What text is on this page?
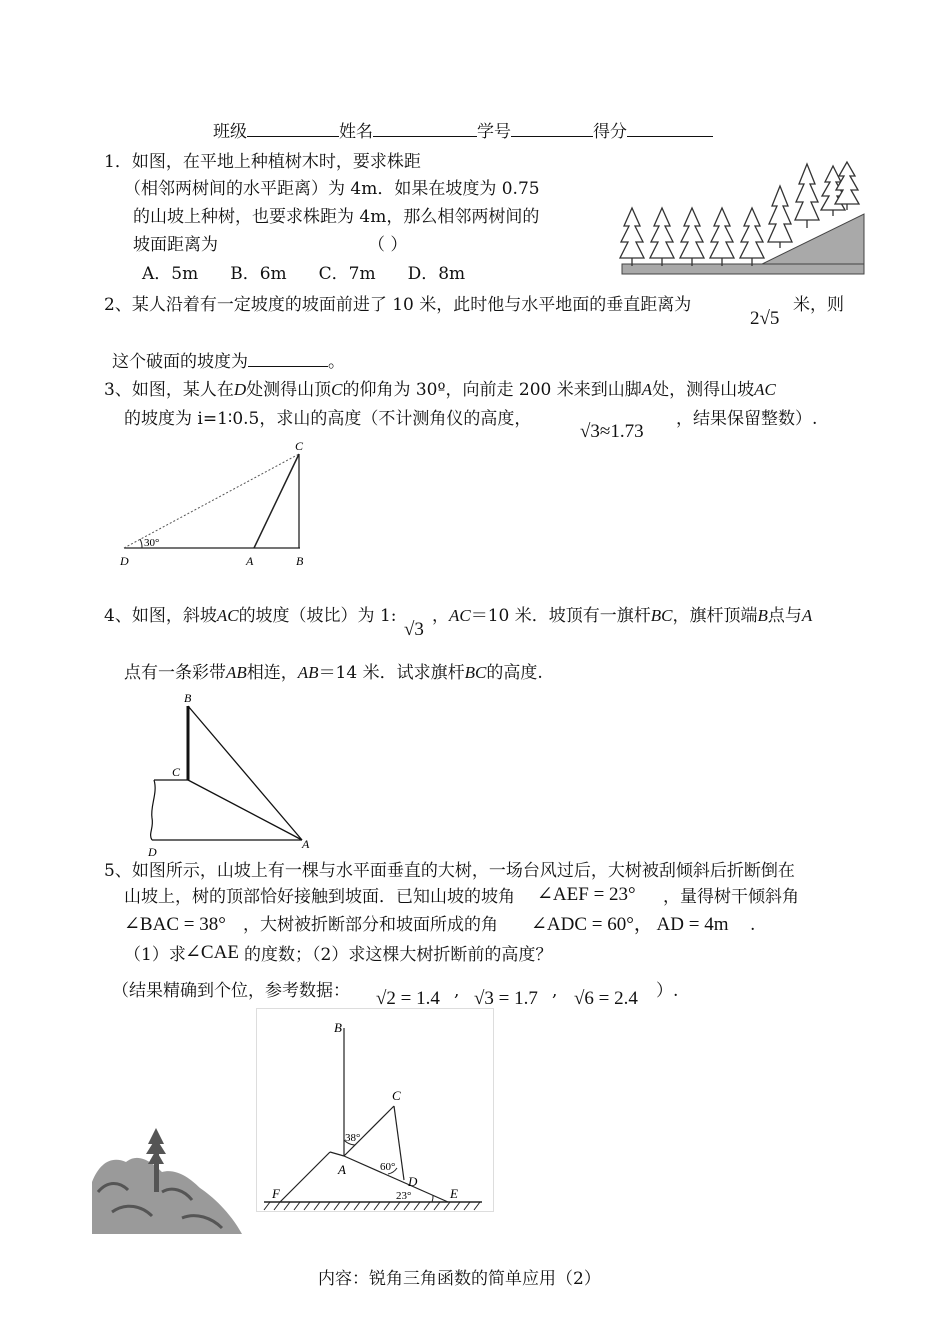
班级	姓名	学号	得分
1．如图，在平地上种植树木时，要求株距
（相邻两树间的水平距离）为 4m．如果在坡度为 0.75
的山坡上种树，也要求株距为 4m，那么相邻两树间的
坡面距离为	（ ）
A．5m B．6m C．7m D．8m
2、某人沿着有一定坡度的坡面前进了 10 米，此时他与水平地面的垂直距离为
2√5
米，则
这个破面的坡度为	。
3、如图，某人在D处测得山顶C的仰角为 30º，向前走 200 米来到山脚A处，测得山坡AC
的坡度为 i=1∶0.5，求山的高度（不计测角仪的高度，
√3≈1.73
，结果保留整数）.
30°
C
D	A	B
4、如图，斜坡AC的坡度（坡比）为 1:
√3
，AC＝10 米．坡顶有一旗杆BC，旗杆顶端B点与A
点有一条彩带AB相连，AB＝14 米．试求旗杆BC的高度.
B
C
D
A
5、如图所示，山坡上有一棵与水平面垂直的大树，一场台风过后，大树被刮倾斜后折断倒在
山坡上，树的顶部恰好接触到坡面．已知山坡的坡角 ∠AEF = 23° ，量得树干倾斜角
∠BAC = 38° ，大树被折断部分和坡面所成的角 ∠ADC = 60°， AD = 4m .
（1）求 ∠CAE 的度数；（2）求这棵大树折断前的高度？
（结果精确到个位，参考数据： √2 = 1.4 , √3 = 1.7 , √6 = 2.4 ）.
B
C
38°
A	60°
D
23°
F	E
内容：锐角三角函数的简单应用（2）
